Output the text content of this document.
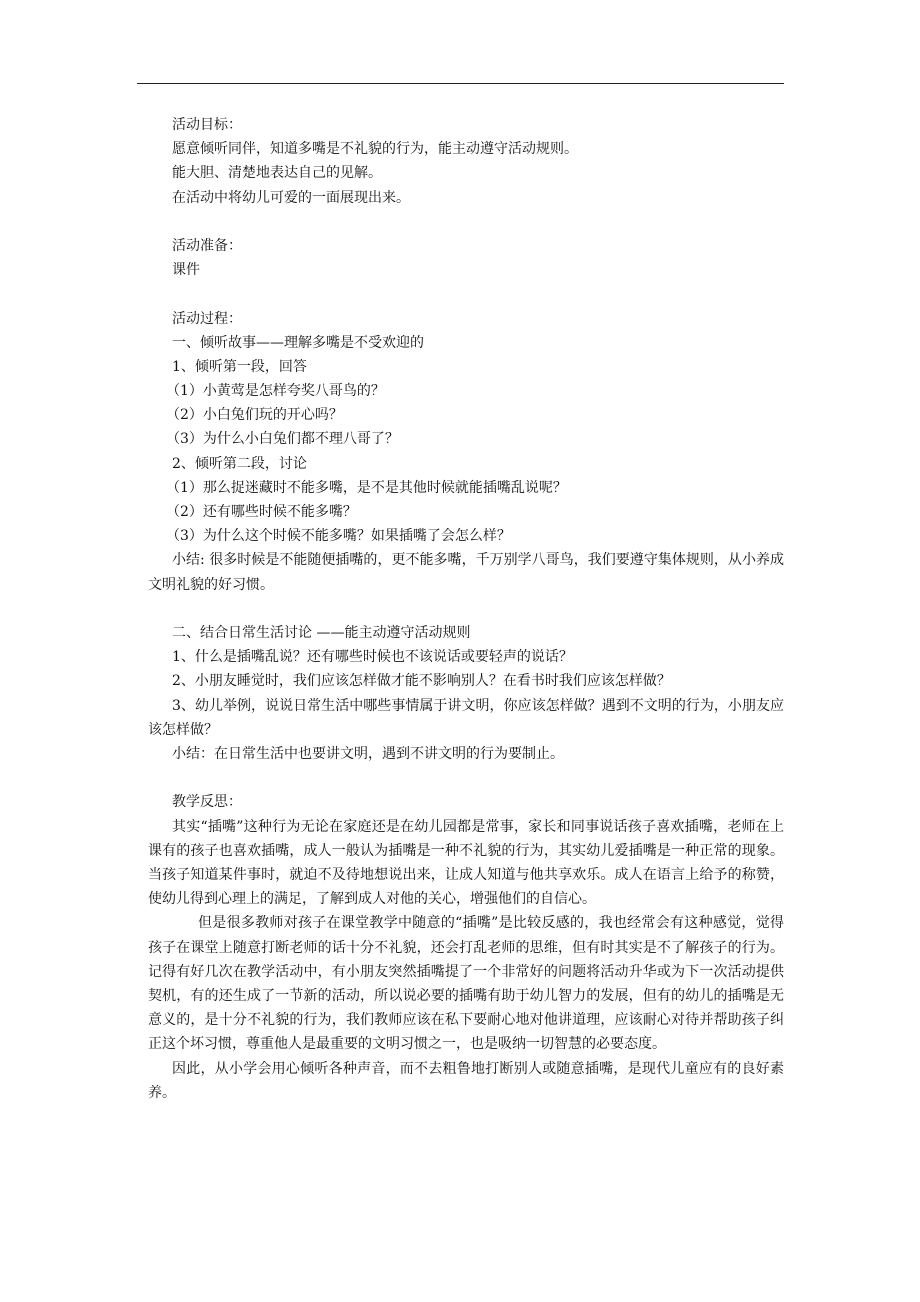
活动目标：
愿意倾听同伴，知道多嘴是不礼貌的行为，能主动遵守活动规则。
能大胆、清楚地表达自己的见解。
在活动中将幼儿可爱的一面展现出来。
活动准备：
课件
活动过程：
一、倾听故事——理解多嘴是不受欢迎的
1、倾听第一段，回答
（1）小黄莺是怎样夸奖八哥鸟的？
（2）小白兔们玩的开心吗？
（3）为什么小白兔们都不理八哥了？
2、倾听第二段，讨论
（1）那么捉迷藏时不能多嘴，是不是其他时候就能插嘴乱说呢？
（2）还有哪些时候不能多嘴？
（3）为什么这个时候不能多嘴？如果插嘴了会怎么样？
小结: 很多时候是不能随便插嘴的，更不能多嘴，千万别学八哥鸟，我们要遵守集体规则，从小养成文明礼貌的好习惯。
二、结合日常生活讨论 ——能主动遵守活动规则
1、什么是插嘴乱说？还有哪些时候也不该说话或要轻声的说话？
2、小朋友睡觉时，我们应该怎样做才能不影响别人？在看书时我们应该怎样做？
3、幼儿举例，说说日常生活中哪些事情属于讲文明，你应该怎样做？遇到不文明的行为，小朋友应该怎样做？
小结：在日常生活中也要讲文明，遇到不讲文明的行为要制止。
教学反思：
其实“插嘴”这种行为无论在家庭还是在幼儿园都是常事，家长和同事说话孩子喜欢插嘴，老师在上课有的孩子也喜欢插嘴，成人一般认为插嘴是一种不礼貌的行为，其实幼儿爱插嘴是一种正常的现象。当孩子知道某件事时，就迫不及待地想说出来，让成人知道与他共享欢乐。成人在语言上给予的称赞，使幼儿得到心理上的满足，了解到成人对他的关心，增强他们的自信心。
但是很多教师对孩子在课堂教学中随意的“插嘴”是比较反感的，我也经常会有这种感觉，觉得孩子在课堂上随意打断老师的话十分不礼貌，还会打乱老师的思维，但有时其实是不了解孩子的行为。记得有好几次在教学活动中，有小朋友突然插嘴提了一个非常好的问题将活动升华或为下一次活动提供契机，有的还生成了一节新的活动，所以说必要的插嘴有助于幼儿智力的发展，但有的幼儿的插嘴是无意义的，是十分不礼貌的行为，我们教师应该在私下要耐心地对他讲道理，应该耐心对待并帮助孩子纠正这个坏习惯，尊重他人是最重要的文明习惯之一，也是吸纳一切智慧的必要态度。
因此，从小学会用心倾听各种声音，而不去粗鲁地打断别人或随意插嘴，是现代儿童应有的良好素养。
